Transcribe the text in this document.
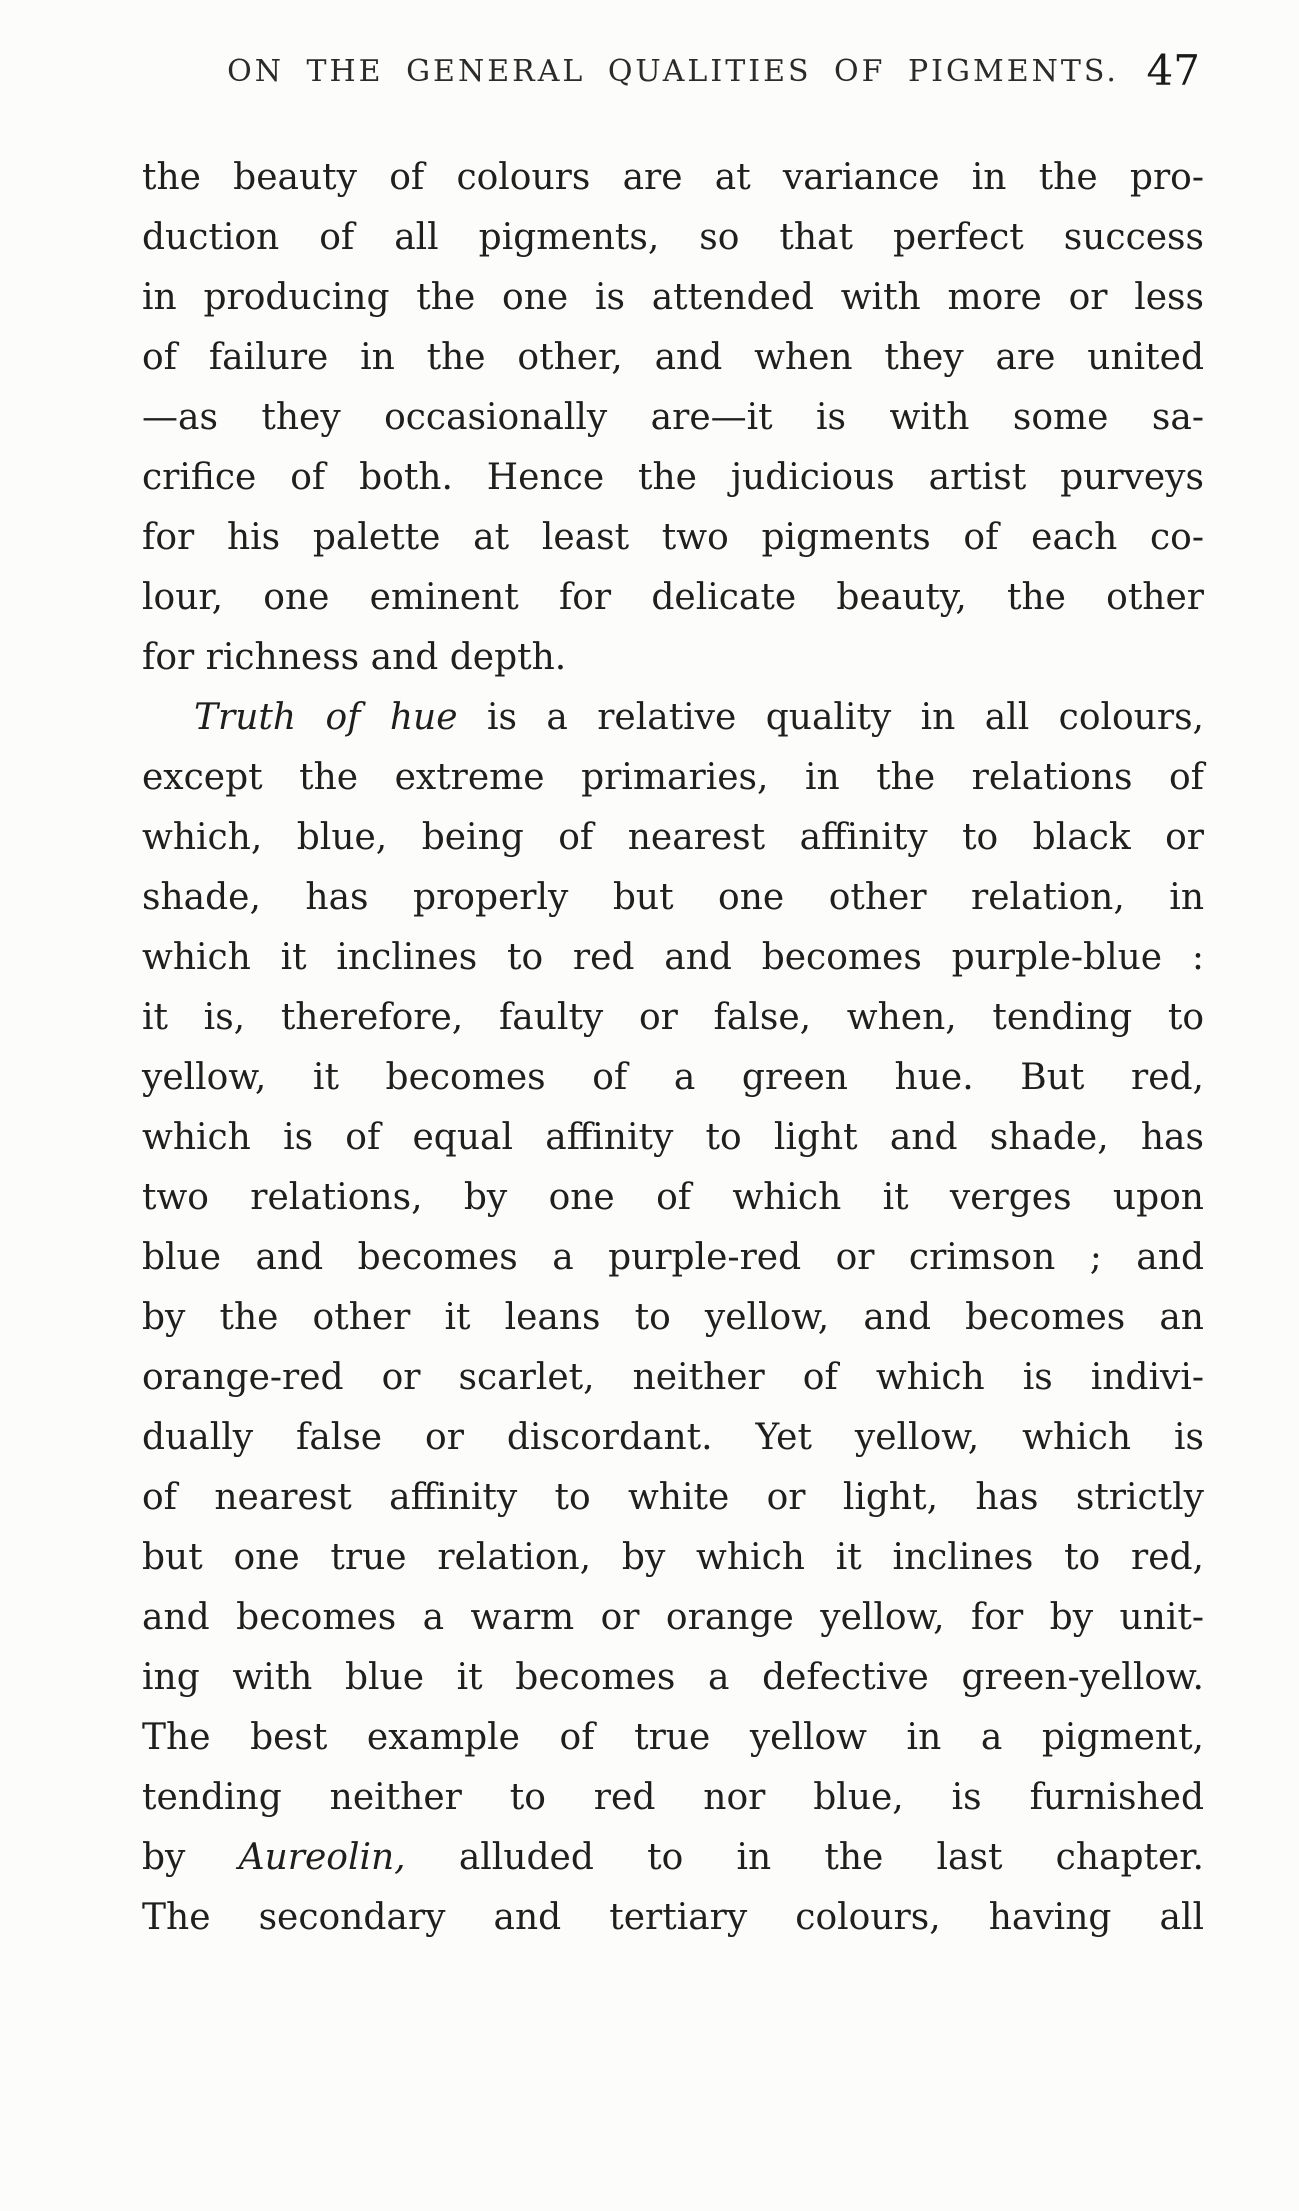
ON THE GENERAL QUALITIES OF PIGMENTS. 47
the beauty of colours are at variance in the pro-
duction of all pigments, so that perfect success
in producing the one is attended with more or less
of failure in the other, and when they are united
—as they occasionally are—it is with some sa-
crifice of both. Hence the judicious artist purveys
for his palette at least two pigments of each co-
lour, one eminent for delicate beauty, the other
for richness and depth.
Truth of hue is a relative quality in all colours,
except the extreme primaries, in the relations of
which, blue, being of nearest affinity to black or
shade, has properly but one other relation, in
which it inclines to red and becomes purple-blue :
it is, therefore, faulty or false, when, tending to
yellow, it becomes of a green hue. But red,
which is of equal affinity to light and shade, has
two relations, by one of which it verges upon
blue and becomes a purple-red or crimson ; and
by the other it leans to yellow, and becomes an
orange-red or scarlet, neither of which is indivi-
dually false or discordant. Yet yellow, which is
of nearest affinity to white or light, has strictly
but one true relation, by which it inclines to red,
and becomes a warm or orange yellow, for by unit-
ing with blue it becomes a defective green-yellow.
The best example of true yellow in a pigment,
tending neither to red nor blue, is furnished
by Aureolin, alluded to in the last chapter.
The secondary and tertiary colours, having all
